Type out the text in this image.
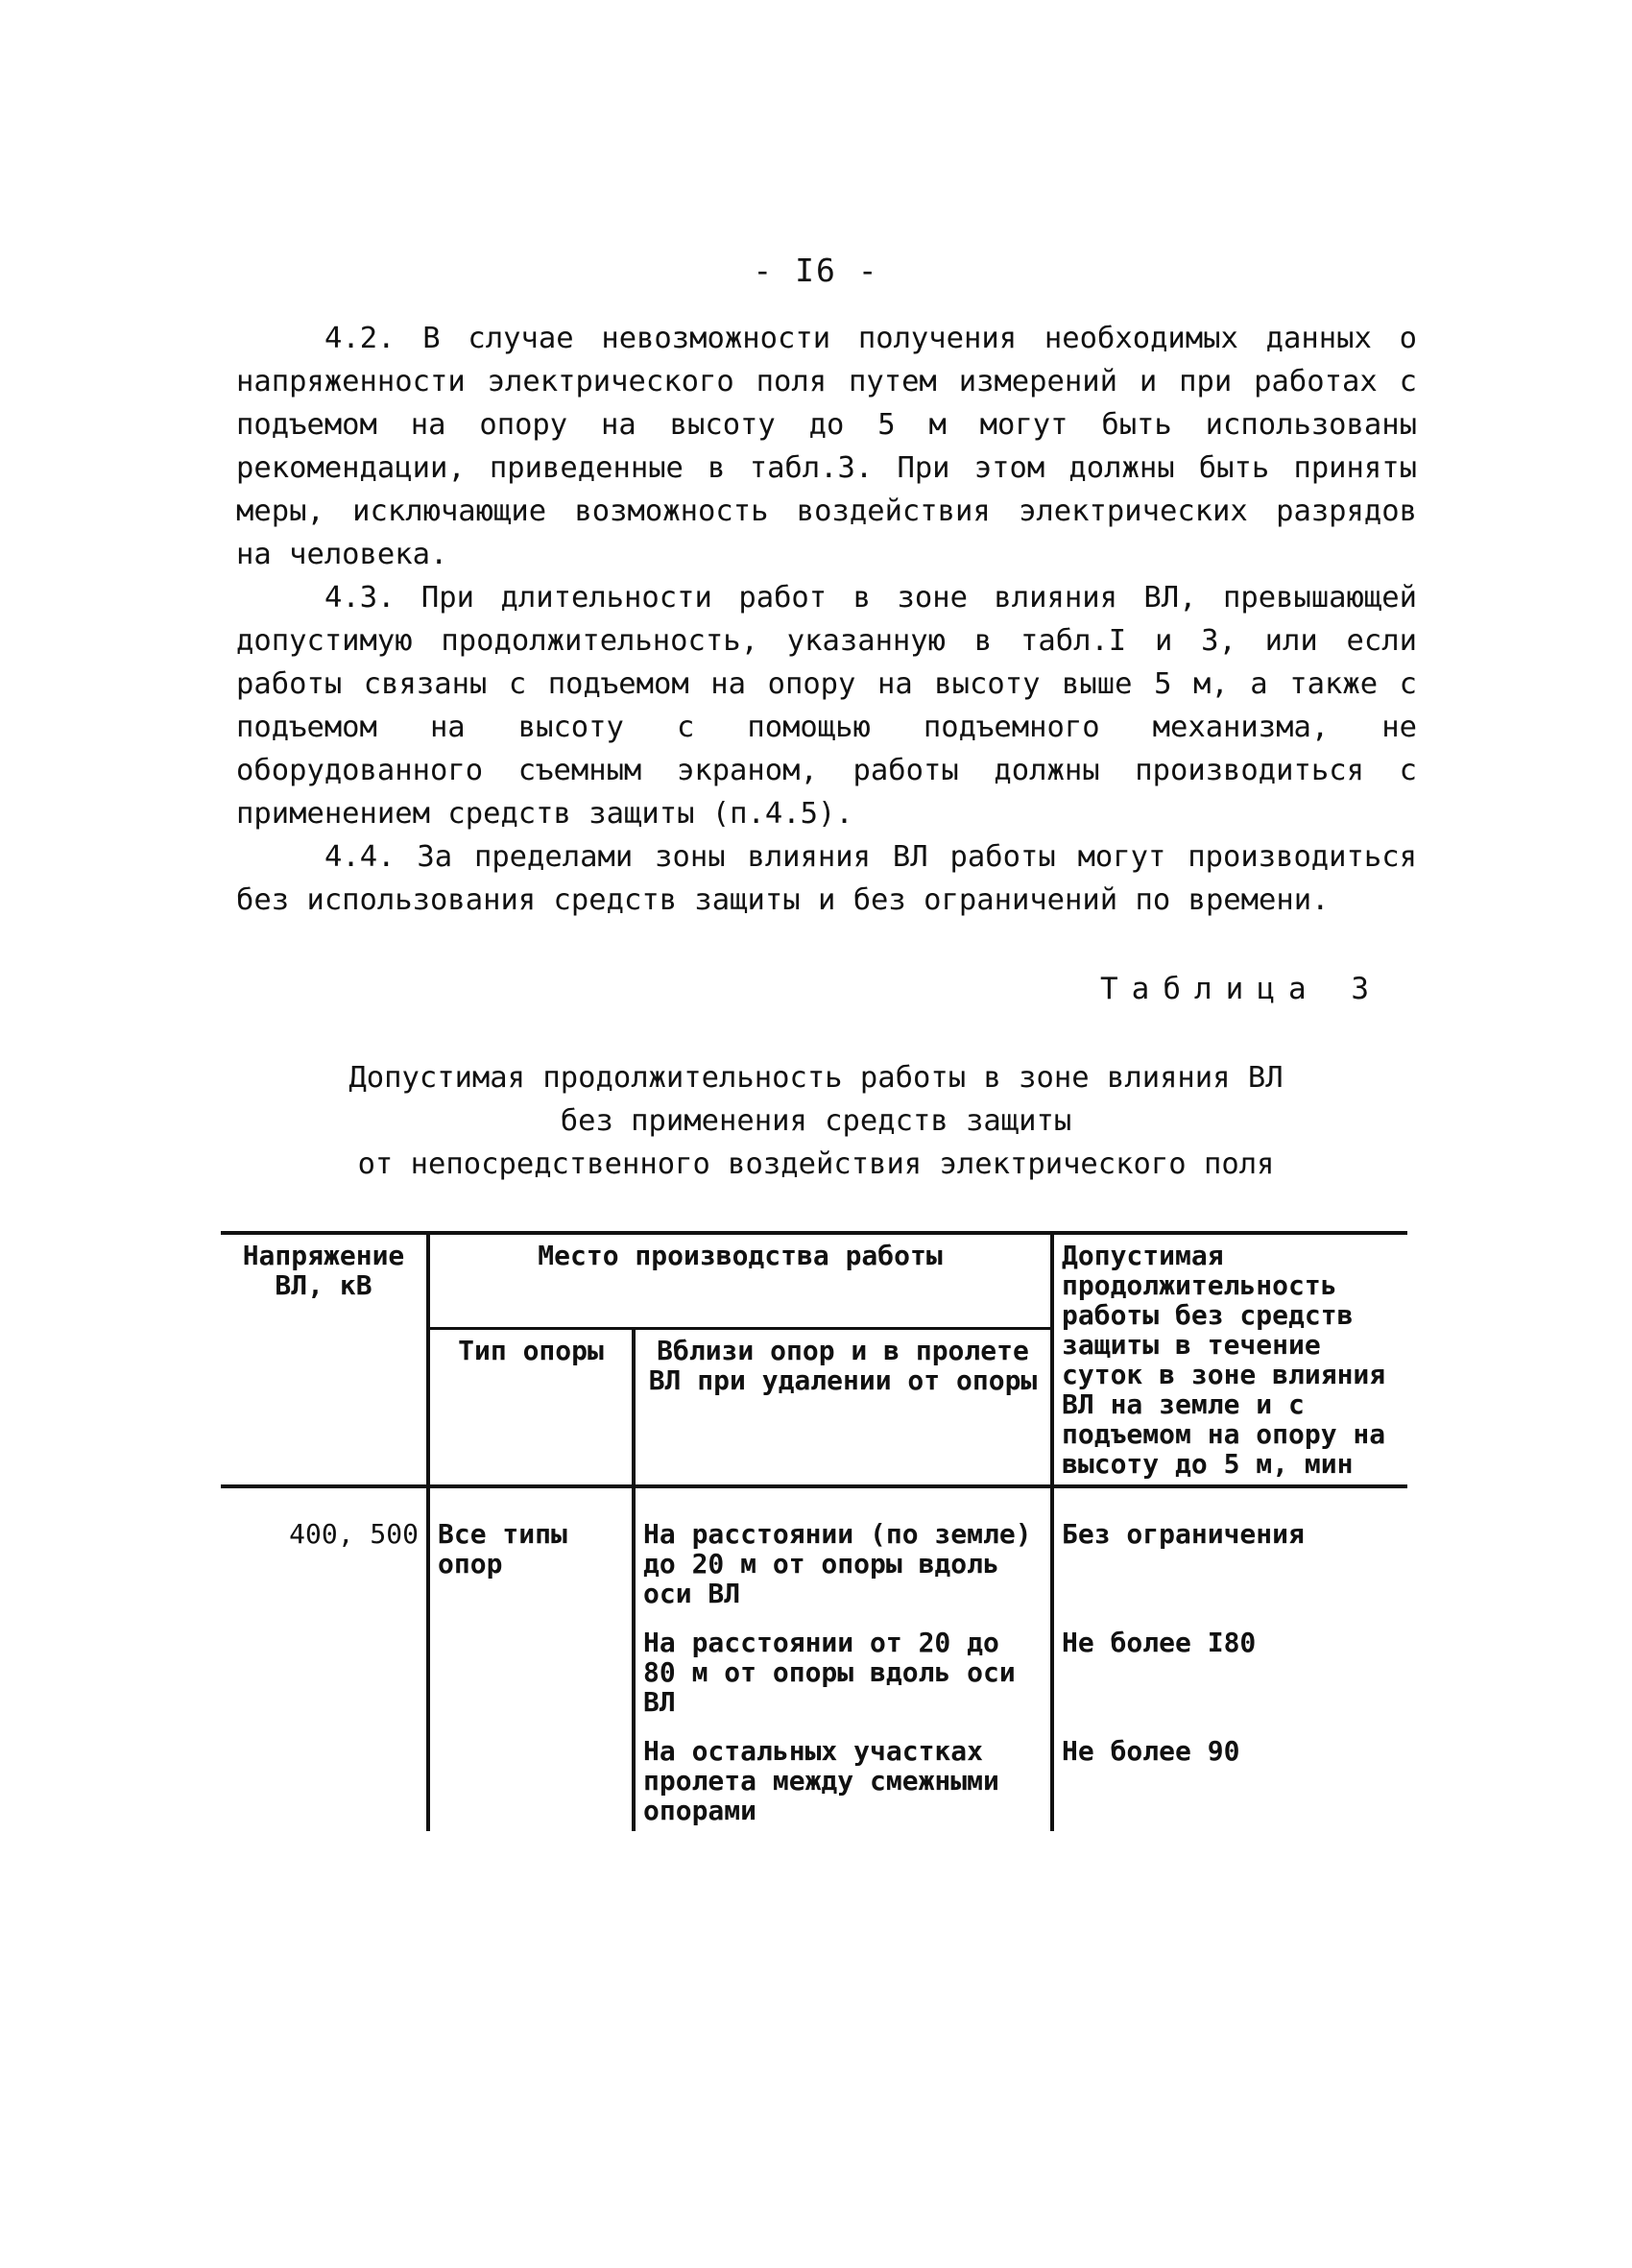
- I6 -

4.2. В случае невозможности получения необходимых данных о напряженности электрического поля путем измерений и при работах с подъемом на опору на высоту до 5 м могут быть использованы рекомендации, приведенные в табл.3. При этом должны быть приняты меры, исключающие возможность воздействия электрических разрядов на человека.

4.3. При длительности работ в зоне влияния ВЛ, превышающей допустимую продолжительность, указанную в табл.I и 3, или если работы связаны с подъемом на опору на высоту выше 5 м, а также с подъемом на высоту с помощью подъемного механизма, не оборудованного съемным экраном, работы должны производиться с применением средств защиты (п.4.5).

4.4. За пределами зоны влияния ВЛ работы могут производиться без использования средств защиты и без ограничений по времени.

Таблица 3
Допустимая продолжительность работы в зоне влияния ВЛ
без применения средств защиты
от непосредственного воздействия электрического поля
Напряжение ВЛ, кВ	Место производства работы		Допустимая продолжительность работы без средств защиты в течение суток в зоне влияния ВЛ на земле и с подъемом на опору на высоту до 5 м, мин
	Тип опоры	Вблизи опор и в пролете ВЛ при удалении от опоры	

400, 500	Все типы опор	На расстоянии (по земле) до 20 м от опоры вдоль оси ВЛ	Без ограничения
		На расстоянии от 20 до 80 м от опоры вдоль оси ВЛ	Не более I80
		На остальных участках пролета между смежными опорами	Не более 90
